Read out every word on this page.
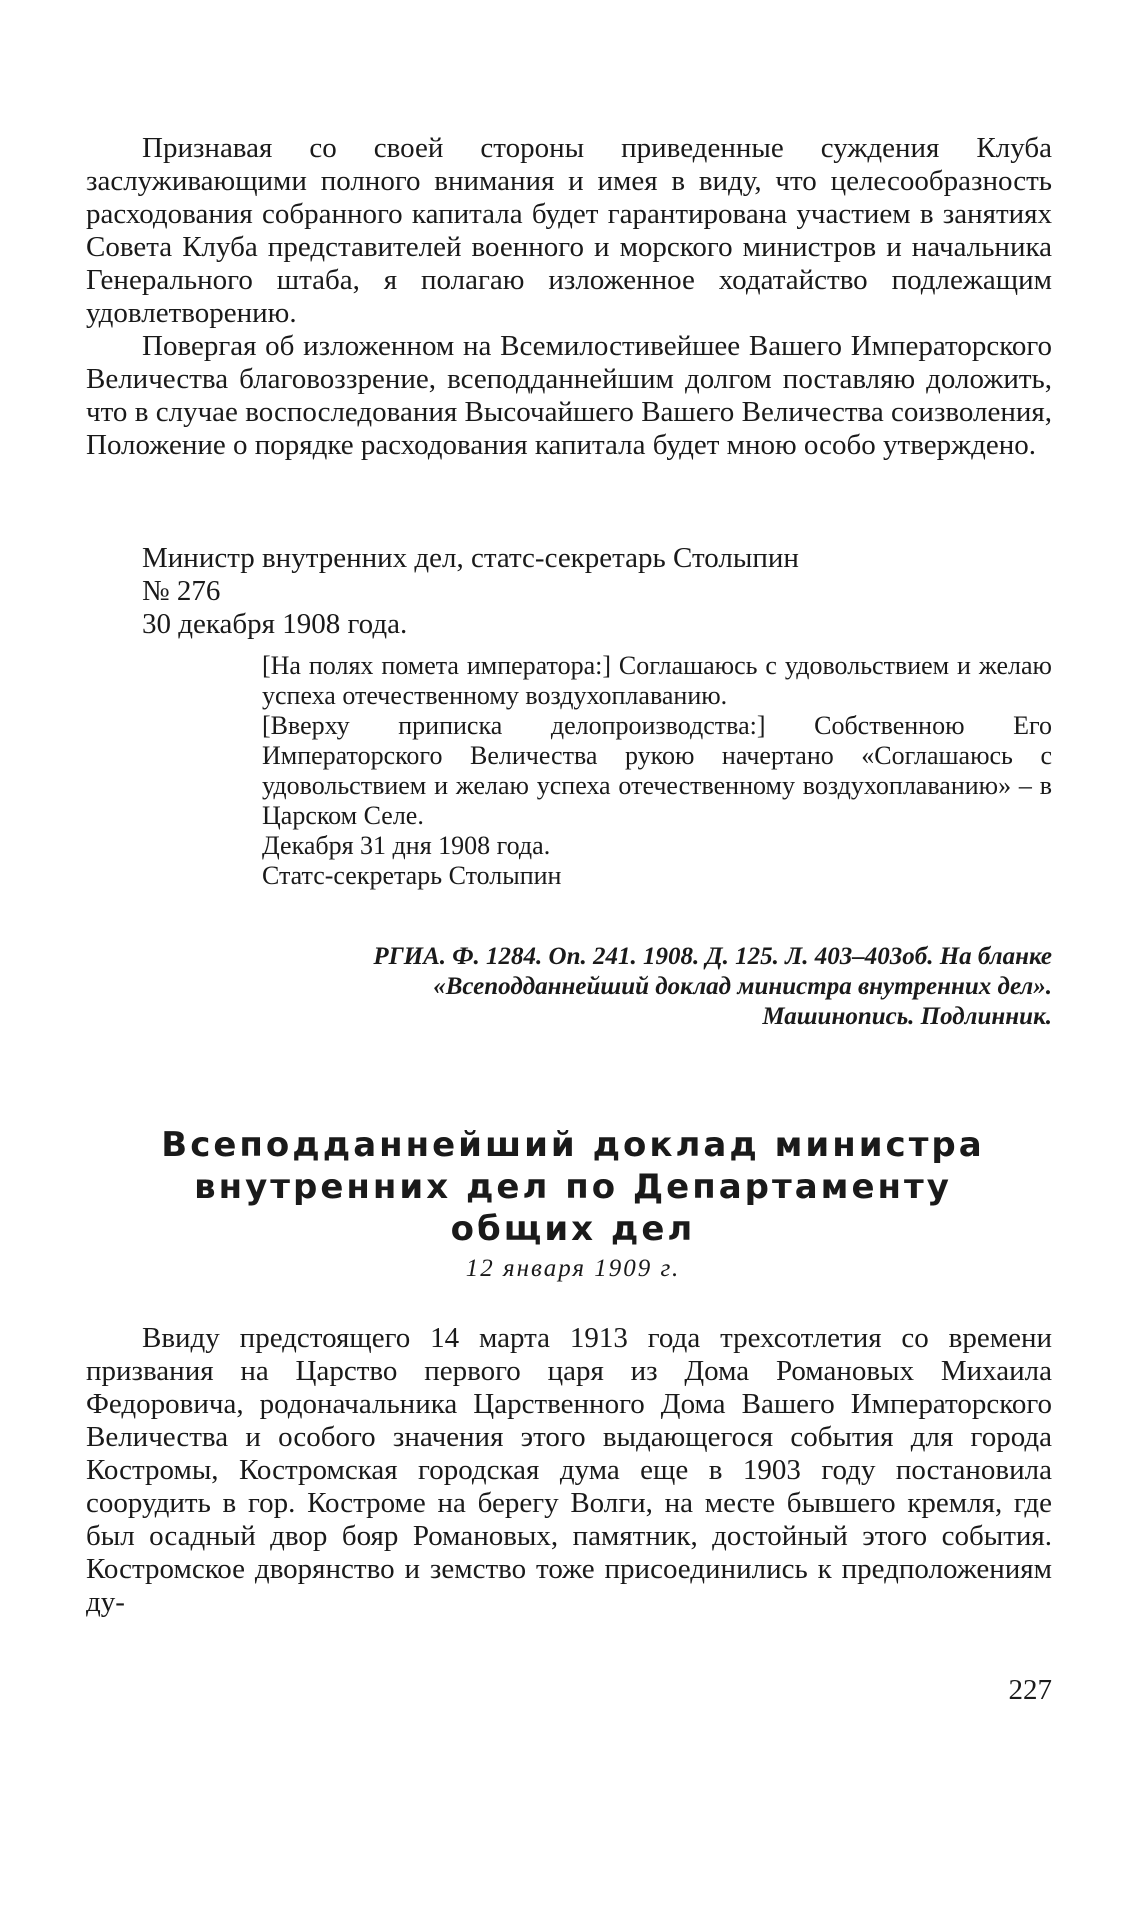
Признавая со своей стороны приведенные суждения Клуба заслуживающими полного внимания и имея в виду, что целесообразность расходования собранного капитала будет гарантирована участием в занятиях Совета Клуба представителей военного и морского министров и начальника Генерального штаба, я полагаю изложенное ходатайство подлежащим удовлетворению.

Повергая об изложенном на Всемилостивейшее Вашего Императорского Величества благовоззрение, всеподданнейшим долгом поставляю доложить, что в случае воспоследования Высочайшего Вашего Величества соизволения, Положение о порядке расходования капитала будет мною особо утверждено.

Министр внутренних дел, статс-секретарь Столыпин
№ 276
30 декабря 1908 года.

[На полях помета императора:] Соглашаюсь с удовольствием и желаю успеха отечественному воздухоплаванию.

[Вверху приписка делопроизводства:] Собственною Его Императорского Величества рукою начертано «Соглашаюсь с удовольствием и желаю успеха отечественному воздухоплаванию» – в Царском Селе.

Декабря 31 дня 1908 года.

Статс-секретарь Столыпин

РГИА. Ф. 1284. Оп. 241. 1908. Д. 125. Л. 403–403об. На бланке
«Всеподданнейший доклад министра внутренних дел».
Машинопись. Подлинник.
Всеподданнейший доклад министра
внутренних дел по Департаменту
общих дел
12 января 1909 г.

Ввиду предстоящего 14 марта 1913 года трехсотлетия со времени призвания на Царство первого царя из Дома Романовых Михаила Федоровича, родоначальника Царственного Дома Вашего Императорского Величества и особого значения этого выдающегося события для города Костромы, Костромская городская дума еще в 1903 году постановила соорудить в гор. Костроме на берегу Волги, на месте бывшего кремля, где был осадный двор бояр Романовых, памятник, достойный этого события. Костромское дворянство и земство тоже присоединились к предположениям ду-

227
